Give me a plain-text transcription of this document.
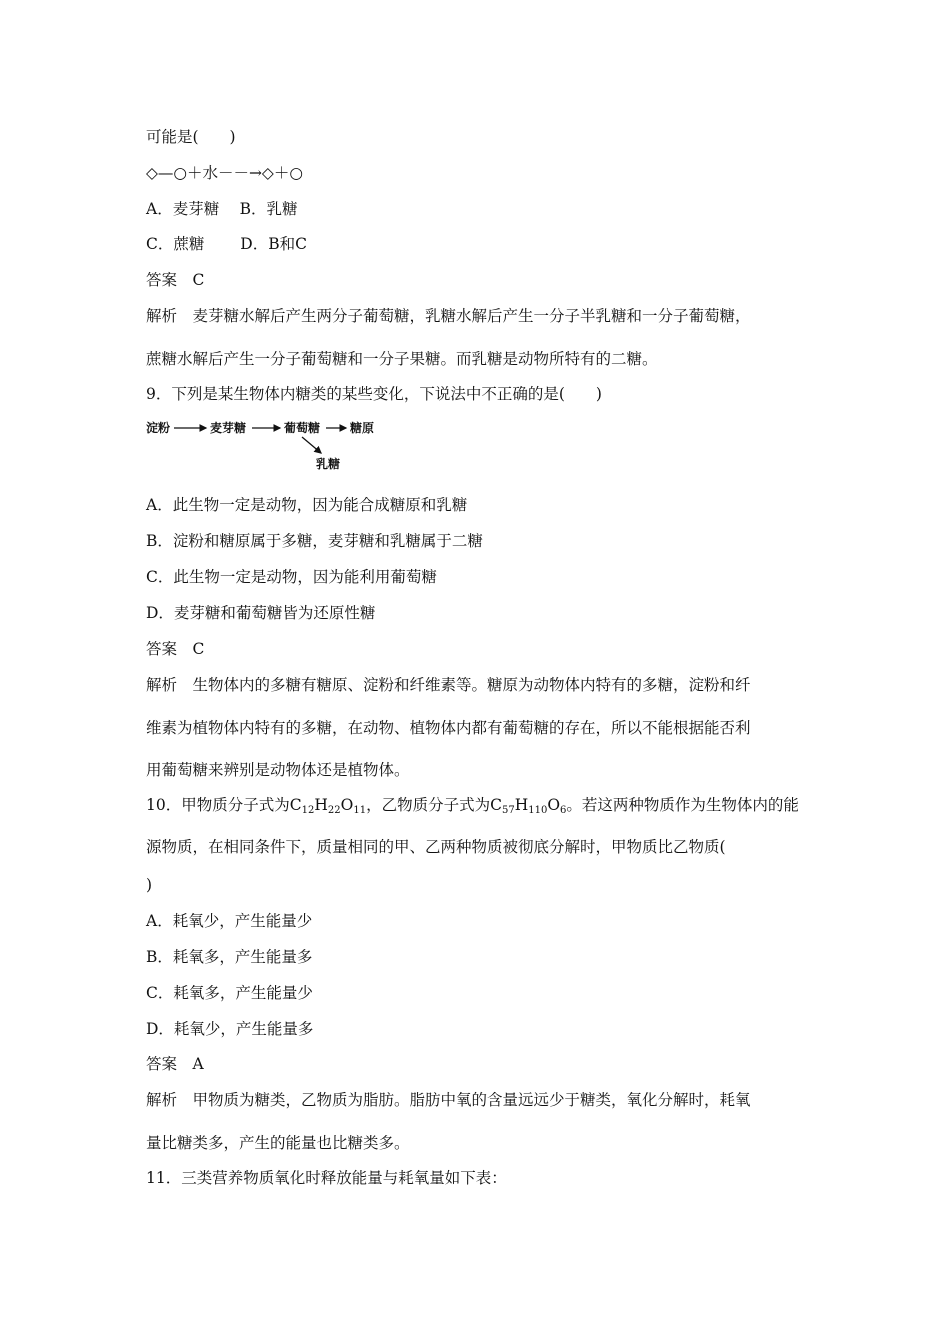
可能是(　　)
◇—○＋水－－→◇＋○
A．麦芽糖　 B．乳糖
C．蔗糖　　 D．B和C
答案　C
解析　麦芽糖水解后产生两分子葡萄糖，乳糖水解后产生一分子半乳糖和一分子葡萄糖，
蔗糖水解后产生一分子葡萄糖和一分子果糖。而乳糖是动物所特有的二糖。
9．下列是某生物体内糖类的某些变化，下说法中不正确的是(　　)
淀粉	麦芽糖	葡萄糖 糖原
乳糖
A．此生物一定是动物，因为能合成糖原和乳糖
B．淀粉和糖原属于多糖，麦芽糖和乳糖属于二糖
C．此生物一定是动物，因为能利用葡萄糖
D．麦芽糖和葡萄糖皆为还原性糖
答案　C
解析　生物体内的多糖有糖原、淀粉和纤维素等。糖原为动物体内特有的多糖，淀粉和纤
维素为植物体内特有的多糖，在动物、植物体内都有葡萄糖的存在，所以不能根据能否利
用葡萄糖来辨别是动物体还是植物体。
10．甲物质分子式为$C_{12}H_{22}O_{11}$，乙物质分子式为$C_{57}H_{110}O_6$。若这两种物质作为生物体内的能
源物质，在相同条件下，质量相同的甲、乙两种物质被彻底分解时，甲物质比乙物质(
)
A．耗氧少，产生能量少
B．耗氧多，产生能量多
C．耗氧多，产生能量少
D．耗氧少，产生能量多
答案　A
解析　甲物质为糖类，乙物质为脂肪。脂肪中氧的含量远远少于糖类，氧化分解时，耗氧
量比糖类多，产生的能量也比糖类多。
11．三类营养物质氧化时释放能量与耗氧量如下表：
